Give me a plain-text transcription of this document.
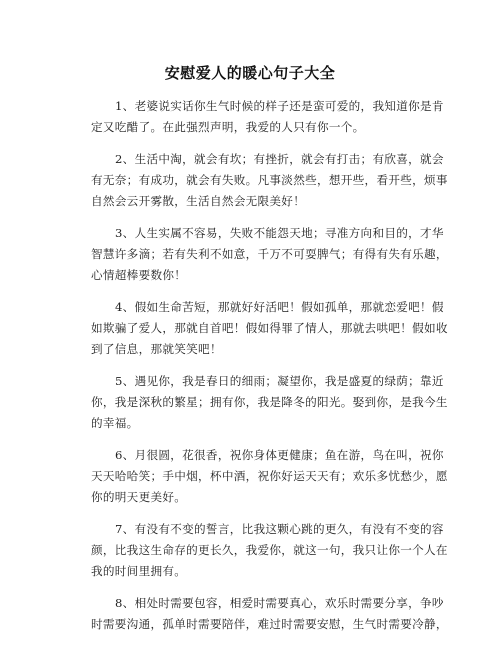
安慰爱人的暖心句子大全

1、老婆说实话你生气时候的样子还是蛮可爱的，我知道你是肯
定又吃醋了。在此强烈声明，我爱的人只有你一个。

2、生活中淘，就会有坎；有挫折，就会有打击；有欣喜，就会
有无奈；有成功，就会有失败。凡事淡然些，想开些，看开些，烦事
自然会云开雾散，生活自然会无限美好！

3、人生实属不容易，失败不能怨天地；寻准方向和目的，才华
智慧许多滴；若有失利不如意，千万不可耍脾气；有得有失有乐趣，
心情超棒要数你！

4、假如生命苦短，那就好好活吧！假如孤单，那就恋爱吧！假
如欺骗了爱人，那就自首吧！假如得罪了情人，那就去哄吧！假如收
到了信息，那就笑笑吧！

5、遇见你，我是春日的细雨；凝望你，我是盛夏的绿荫；靠近
你，我是深秋的繁星；拥有你，我是降冬的阳光。娶到你，是我今生
的幸福。

6、月很圆，花很香，祝你身体更健康；鱼在游，鸟在叫，祝你
天天哈哈笑；手中烟，杯中酒，祝你好运天天有；欢乐多忧愁少，愿
你的明天更美好。

7、有没有不变的誓言，比我这颗心跳的更久，有没有不变的容
颜，比我这生命存的更长久，我爱你，就这一句，我只让你一个人在
我的时间里拥有。

8、相处时需要包容，相爱时需要真心，欢乐时需要分享，争吵
时需要沟通，孤单时需要陪伴，难过时需要安慰，生气时需要冷静，
